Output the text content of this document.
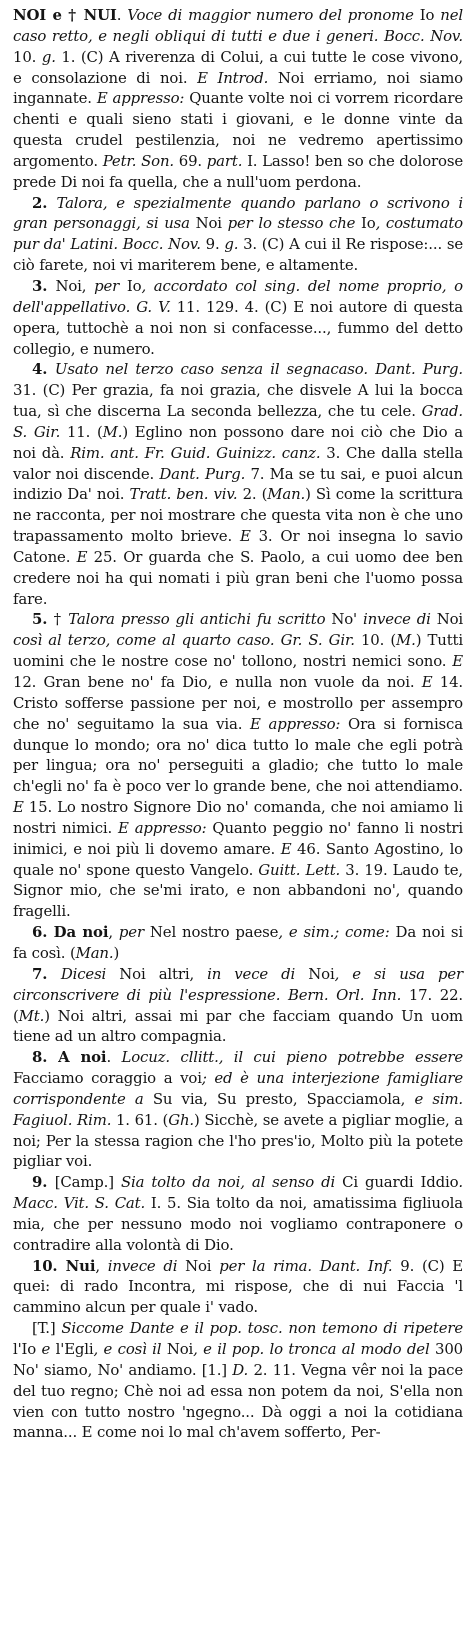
NOI e † NUI. Voce di maggior numero del pronome Io nel caso retto, e negli obliqui di tutti e due i generi. Bocc. Nov. 10. g. 1. (C) A riverenza di Colui, a cui tutte le cose vivono, e consolazione di noi. E Introd. Noi erriamo, noi siamo ingannate. E appresso: Quante volte noi ci vorrem ricordare chenti e quali sieno stati i giovani, e le donne vinte da questa crudel pestilenzia, noi ne vedremo apertissimo argomento. Petr. Son. 69. part. I. Lasso! ben so che dolorose prede Di noi fa quella, che a null'uom perdona.

2. Talora, e spezialmente quando parlano o scrivono i gran personaggi, si usa Noi per lo stesso che Io, costumato pur da' Latini. Bocc. Nov. 9. g. 3. (C) A cui il Re rispose:... se ciò farete, noi vi mariterem bene, e altamente.

3. Noi, per Io, accordato col sing. del nome proprio, o dell'appellativo. G. V. 11. 129. 4. (C) E noi autore di questa opera, tuttochè a noi non si confacesse..., fummo del detto collegio, e numero.

4. Usato nel terzo caso senza il segnacaso. Dant. Purg. 31. (C) Per grazia, fa noi grazia, che disvele A lui la bocca tua, sì che discerna La seconda bellezza, che tu cele. Grad. S. Gir. 11. (M.) Eglino non possono dare noi ciò che Dio a noi dà. Rim. ant. Fr. Guid. Guinizz. canz. 3. Che dalla stella valor noi discende. Dant. Purg. 7. Ma se tu sai, e puoi alcun indizio Da' noi. Tratt. ben. viv. 2. (Man.) Sì come la scrittura ne racconta, per noi mostrare che questa vita non è che uno trapassamento molto brieve. E 3. Or noi insegna lo savio Catone. E 25. Or guarda che S. Paolo, a cui uomo dee ben credere noi ha qui nomati i più gran beni che l'uomo possa fare.

5. † Talora presso gli antichi fu scritto No' invece di Noi così al terzo, come al quarto caso. Gr. S. Gir. 10. (M.) Tutti uomini che le nostre cose no' tollono, nostri nemici sono. E 12. Gran bene no' fa Dio, e nulla non vuole da noi. E 14. Cristo sofferse passione per noi, e mostrollo per assempro che no' seguitamo la sua via. E appresso: Ora si fornisca dunque lo mondo; ora no' dica tutto lo male che egli potrà per lingua; ora no' perseguiti a gladio; che tutto lo male ch'egli no' fa è poco ver lo grande bene, che noi attendiamo. E 15. Lo nostro Signore Dio no' comanda, che noi amiamo li nostri nimici. E appresso: Quanto peggio no' fanno li nostri inimici, e noi più li dovemo amare. E 46. Santo Agostino, lo quale no' spone questo Vangelo. Guitt. Lett. 3. 19. Laudo te, Signor mio, che se'mi irato, e non abbandoni no', quando fragelli.

6. Da noi, per Nel nostro paese, e sim.; come: Da noi si fa così. (Man.)

7. Dicesi Noi altri, in vece di Noi, e si usa per circonscrivere di più l'espressione. Bern. Orl. Inn. 17. 22. (Mt.) Noi altri, assai mi par che facciam quando Un uom tiene ad un altro compagnia.

8. A noi. Locuz. cllitt., il cui pieno potrebbe essere Facciamo coraggio a voi; ed è una interjezione famigliare corrispondente a Su via, Su presto, Spacciamola, e sim. Fagiuol. Rim. 1. 61. (Gh.) Sicchè, se avete a pigliar moglie, a noi; Per la stessa ragion che l'ho pres'io, Molto più la potete pigliar voi.

9. [Camp.] Sia tolto da noi, al senso di Ci guardi Iddio. Macc. Vit. S. Cat. I. 5. Sia tolto da noi, amatissima figliuola mia, che per nessuno modo noi vogliamo contraponere o contradire alla volontà di Dio.

10. Nui, invece di Noi per la rima. Dant. Inf. 9. (C) E quei: di rado Incontra, mi rispose, che di nui Faccia 'l cammino alcun per quale i' vado.

[T.] Siccome Dante e il pop. tosc. non temono di ripetere l'Io e l'Egli, e così il Noi, e il pop. lo tronca al modo del 300 No' siamo, No' andiamo. [1.] D. 2. 11. Vegna vêr noi la pace del tuo regno; Chè noi ad essa non potem da noi, S'ella non vien con tutto nostro 'ngegno... Dà oggi a noi la cotidiana manna... E come noi lo mal ch'avem sofferto, Per-
